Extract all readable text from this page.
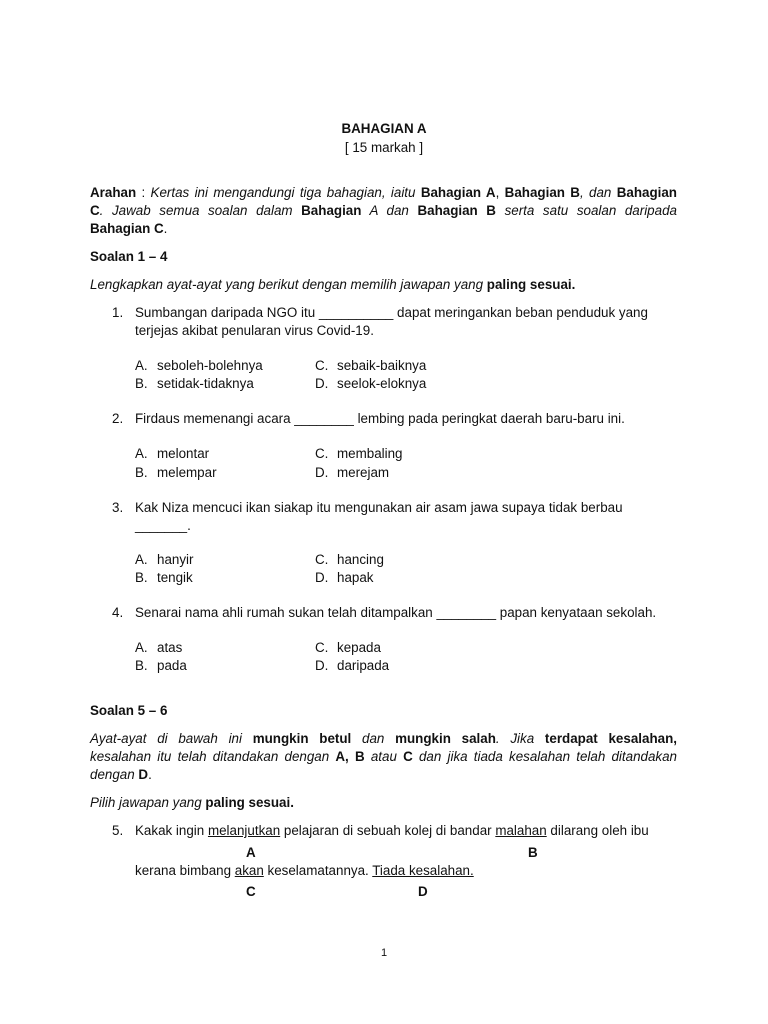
BAHAGIAN A
[ 15 markah ]
Arahan : Kertas ini mengandungi tiga bahagian, iaitu Bahagian A, Bahagian B, dan Bahagian
C. Jawab semua soalan dalam Bahagian A dan Bahagian B serta satu soalan daripada
Bahagian C.
Soalan 1 – 4
Lengkapkan ayat-ayat yang berikut dengan memilih jawapan yang paling sesuai.
1. Sumbangan daripada NGO itu __________ dapat meringankan beban penduduk yang
terjejas akibat penularan virus Covid-19.
A. seboleh-bolehnya
B. setidak-tidaknya
C. sebaik-baiknya
D. seelok-eloknya
2. Firdaus memenangi acara ________ lembing pada peringkat daerah baru-baru ini.
A. melontar
B. melempar
C. membaling
D. merejam
3. Kak Niza mencuci ikan siakap itu mengunakan air asam jawa supaya tidak berbau
_______.
A. hanyir
B. tengik
C. hancing
D. hapak
4. Senarai nama ahli rumah sukan telah ditampalkan ________ papan kenyataan sekolah.
A. atas
B. pada
C. kepada
D. daripada
Soalan 5 – 6
Ayat-ayat di bawah ini mungkin betul dan mungkin salah. Jika terdapat kesalahan,
kesalahan itu telah ditandakan dengan A, B atau C dan jika tiada kesalahan telah ditandakan
dengan D.
Pilih jawapan yang paling sesuai.
5. Kakak ingin melanjutkan pelajaran di sebuah kolej di bandar malahan dilarang oleh ibu
A	B
kerana bimbang akan keselamatannya. Tiada kesalahan.
C	D
1
